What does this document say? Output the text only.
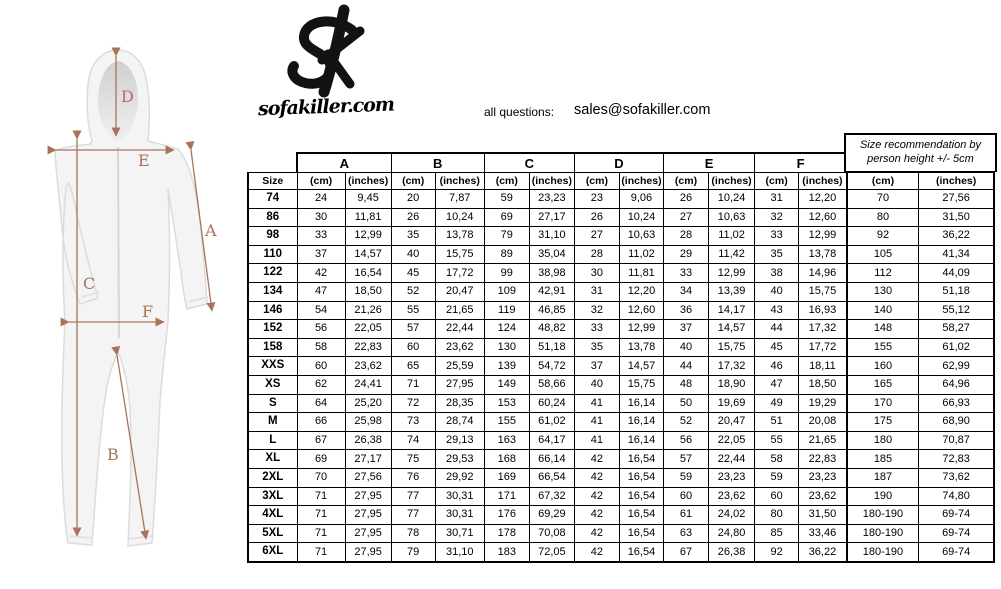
A
B
C
D
E
F
sofakiller.com	all questions: sales@sofakiller.com
Size recommendation by person height +/- 5cm
	A		B		C		D		E		F			
Size	(cm)	(inches)	(cm)	(inches)	(cm)	(inches)	(cm)	(inches)	(cm)	(inches)	(cm)	(inches)	(cm)	(inches)
74	24	9,45	20	7,87	59	23,23	23	9,06	26	10,24	31	12,20	70	27,56
86	30	11,81	26	10,24	69	27,17	26	10,24	27	10,63	32	12,60	80	31,50
98	33	12,99	35	13,78	79	31,10	27	10,63	28	11,02	33	12,99	92	36,22
110	37	14,57	40	15,75	89	35,04	28	11,02	29	11,42	35	13,78	105	41,34
122	42	16,54	45	17,72	99	38,98	30	11,81	33	12,99	38	14,96	112	44,09
134	47	18,50	52	20,47	109	42,91	31	12,20	34	13,39	40	15,75	130	51,18
146	54	21,26	55	21,65	119	46,85	32	12,60	36	14,17	43	16,93	140	55,12
152	56	22,05	57	22,44	124	48,82	33	12,99	37	14,57	44	17,32	148	58,27
158	58	22,83	60	23,62	130	51,18	35	13,78	40	15,75	45	17,72	155	61,02
XXS	60	23,62	65	25,59	139	54,72	37	14,57	44	17,32	46	18,11	160	62,99
XS	62	24,41	71	27,95	149	58,66	40	15,75	48	18,90	47	18,50	165	64,96
S	64	25,20	72	28,35	153	60,24	41	16,14	50	19,69	49	19,29	170	66,93
M	66	25,98	73	28,74	155	61,02	41	16,14	52	20,47	51	20,08	175	68,90
L	67	26,38	74	29,13	163	64,17	41	16,14	56	22,05	55	21,65	180	70,87
XL	69	27,17	75	29,53	168	66,14	42	16,54	57	22,44	58	22,83	185	72,83
2XL	70	27,56	76	29,92	169	66,54	42	16,54	59	23,23	59	23,23	187	73,62
3XL	71	27,95	77	30,31	171	67,32	42	16,54	60	23,62	60	23,62	190	74,80
4XL	71	27,95	77	30,31	176	69,29	42	16,54	61	24,02	80	31,50	180-190	69-74
5XL	71	27,95	78	30,71	178	70,08	42	16,54	63	24,80	85	33,46	180-190	69-74
6XL	71	27,95	79	31,10	183	72,05	42	16,54	67	26,38	92	36,22	180-190	69-74
